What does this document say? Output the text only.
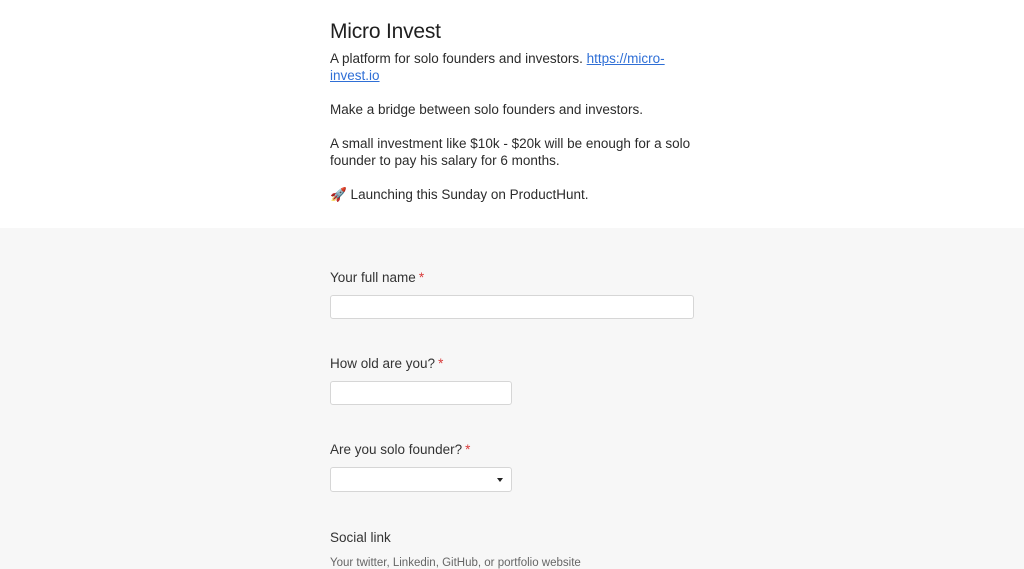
Micro Invest

A platform for solo founders and investors. https://micro-invest.io

Make a bridge between solo founders and investors.

A small investment like $10k - $20k will be enough for a solo founder to pay his salary for 6 months.

🚀 Launching this Sunday on ProductHunt.

Your full name *

How old are you? *

Are you solo founder? *

Social link

Your twitter, Linkedin, GitHub, or portfolio website
